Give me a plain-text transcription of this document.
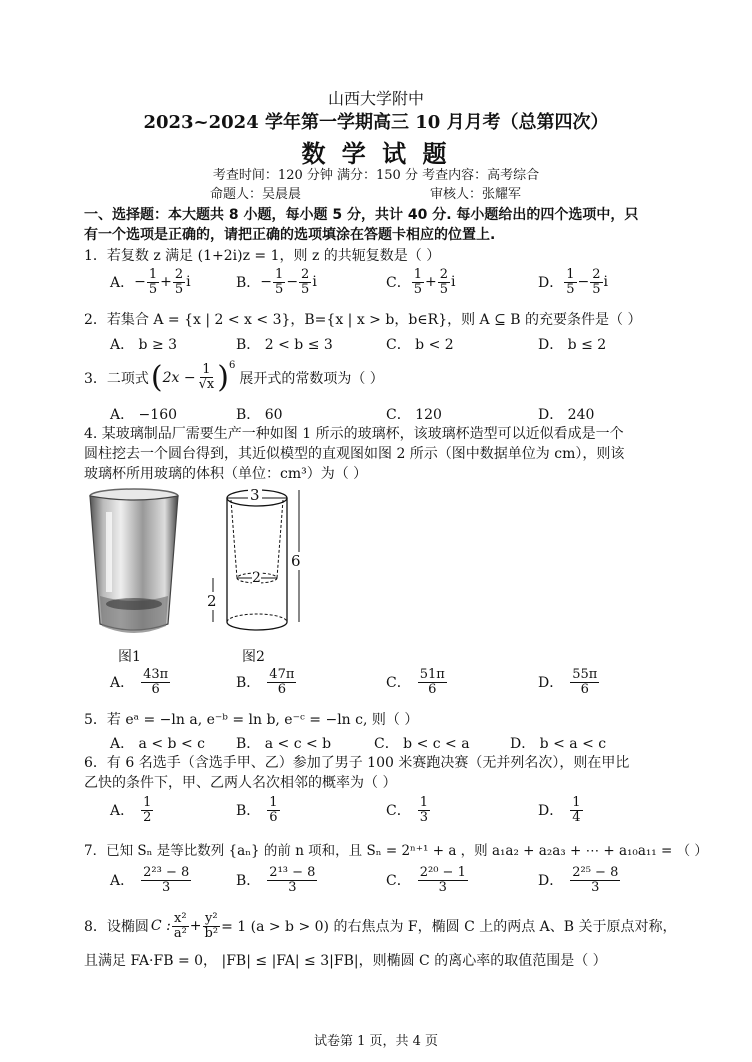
山西大学附中
2023~2024 学年第一学期高三 10 月月考（总第四次）
数 学 试 题
考查时间：120 分钟 满分：150 分 考查内容：高考综合
命题人：吴晨晨	审核人：张耀军
一、选择题：本大题共 8 小题，每小题 5 分，共计 40 分. 每小题给出的四个选项中，只
有一个选项是正确的，请把正确的选项填涂在答题卡相应的位置上.
1．若复数 z 满足 (1+2i)z = 1，则 z 的共轭复数是（ ）
A． − $\frac{1}{5} + \frac{2}{5}$ i	B． − $\frac{1}{5} - \frac{2}{5}$ i	C． $\frac{1}{5} + \frac{2}{5}$ i	D． $\frac{1}{5} - \frac{2}{5}$ i
2．若集合 A = {x | 2 < x < 3}，B={x | x > b，b∈R}，则 A ⊆ B 的充要条件是（ ）
A． b ≥ 3	B． 2 < b ≤ 3	C． b < 2	D． b ≤ 2
3．二项式 ( $2x - \frac{1}{√x} )^6$
展开式的常数项为（ ）
A． −160	B． 60	C． 120	D． 240
4. 某玻璃制品厂需要生产一种如图 1 所示的玻璃杯，该玻璃杯造型可以近似看成是一个
圆柱挖去一个圆台得到，其近似模型的直观图如图 2 所示（图中数据单位为 cm），则该
玻璃杯所用玻璃的体积（单位：cm³）为（ ）
图1
3
6
2
2
图2
A． $\frac{43\pi}{6}$	B． $\frac{47\pi}{6}$	C． $\frac{51\pi}{6}$	D． $\frac{55\pi}{6}$
5．若 eᵃ = −ln a, e⁻ᵇ = ln b, e⁻ᶜ = −ln c, 则（ ）
A． a < b < c B． a < c < b	C． b < c < a	D． b < a < c
6．有 6 名选手（含选手甲、乙）参加了男子 100 米赛跑决赛（无并列名次），则在甲比
乙快的条件下，甲、乙两人名次相邻的概率为（ ）
A． $\frac{1}{2}$	B． $\frac{1}{6}$	C． $\frac{1}{3}$	D． $\frac{1}{4}$
7．已知 Sₙ 是等比数列 {aₙ} 的前 n 项和，且 Sₙ = 2ⁿ⁺¹ + a ，则 a₁a₂ + a₂a₃ + ⋯ + a₁₀a₁₁ = （ ）
A． $\frac{\text{2²³ − 8}}{3}$	B． $\frac{\text{2¹³ − 8}}{3}$	C． $\frac{\text{2²⁰ − 1}}{3}$	D． $\frac{\text{2²⁵ − 8}}{3}$
8．设椭圆 C : $\frac{\text{x²}}{\text{a²}} + \frac{\text{y²}}{\text{b²}} = 1$ (a > b > 0) 的右焦点为 F，椭圆 C 上的两点 A、B 关于原点对称，
且满足 FA·FB = 0， |FB| ≤ |FA| ≤ 3|FB|，则椭圆 C 的离心率的取值范围是（ ）
试卷第 1 页，共 4 页
